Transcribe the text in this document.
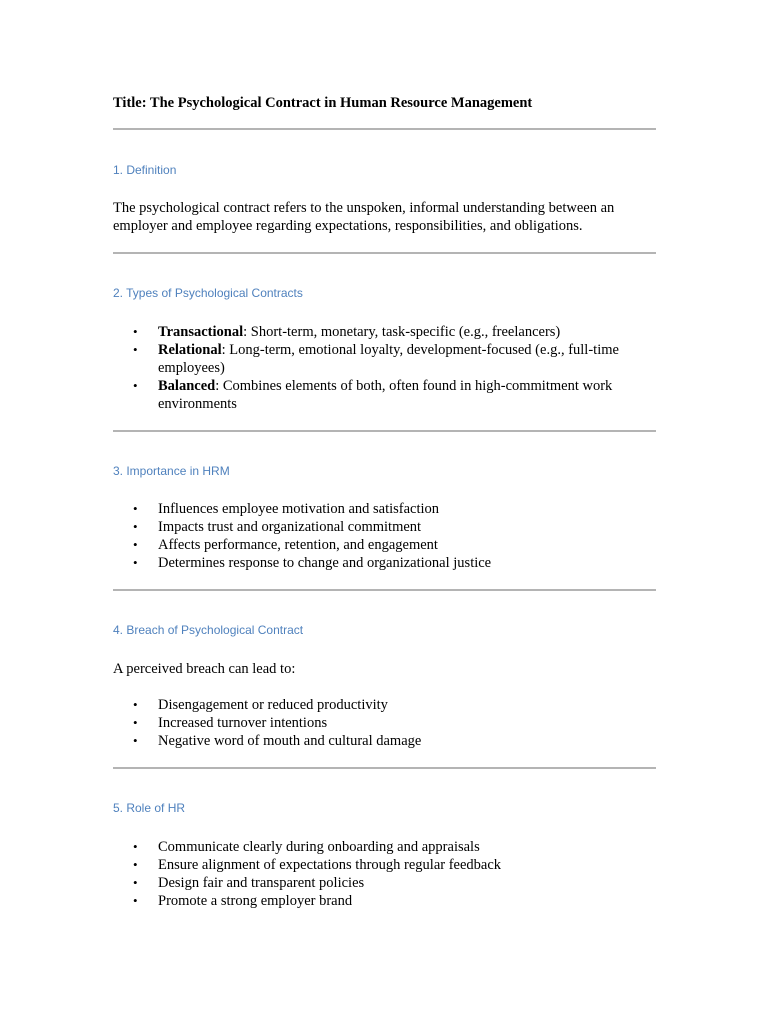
Title: The Psychological Contract in Human Resource Management
1. Definition

The psychological contract refers to the unspoken, informal understanding between an employer and employee regarding expectations, responsibilities, and obligations.

2. Types of Psychological Contracts
• Transactional: Short-term, monetary, task-specific (e.g., freelancers)
• Relational: Long-term, emotional loyalty, development-focused (e.g., full-time employees)
• Balanced: Combines elements of both, often found in high-commitment work environments
3. Importance in HRM
• Influences employee motivation and satisfaction
• Impacts trust and organizational commitment
• Affects performance, retention, and engagement
• Determines response to change and organizational justice
4. Breach of Psychological Contract

A perceived breach can lead to:

• Disengagement or reduced productivity
• Increased turnover intentions
• Negative word of mouth and cultural damage
5. Role of HR
• Communicate clearly during onboarding and appraisals
• Ensure alignment of expectations through regular feedback
• Design fair and transparent policies
• Promote a strong employer brand
